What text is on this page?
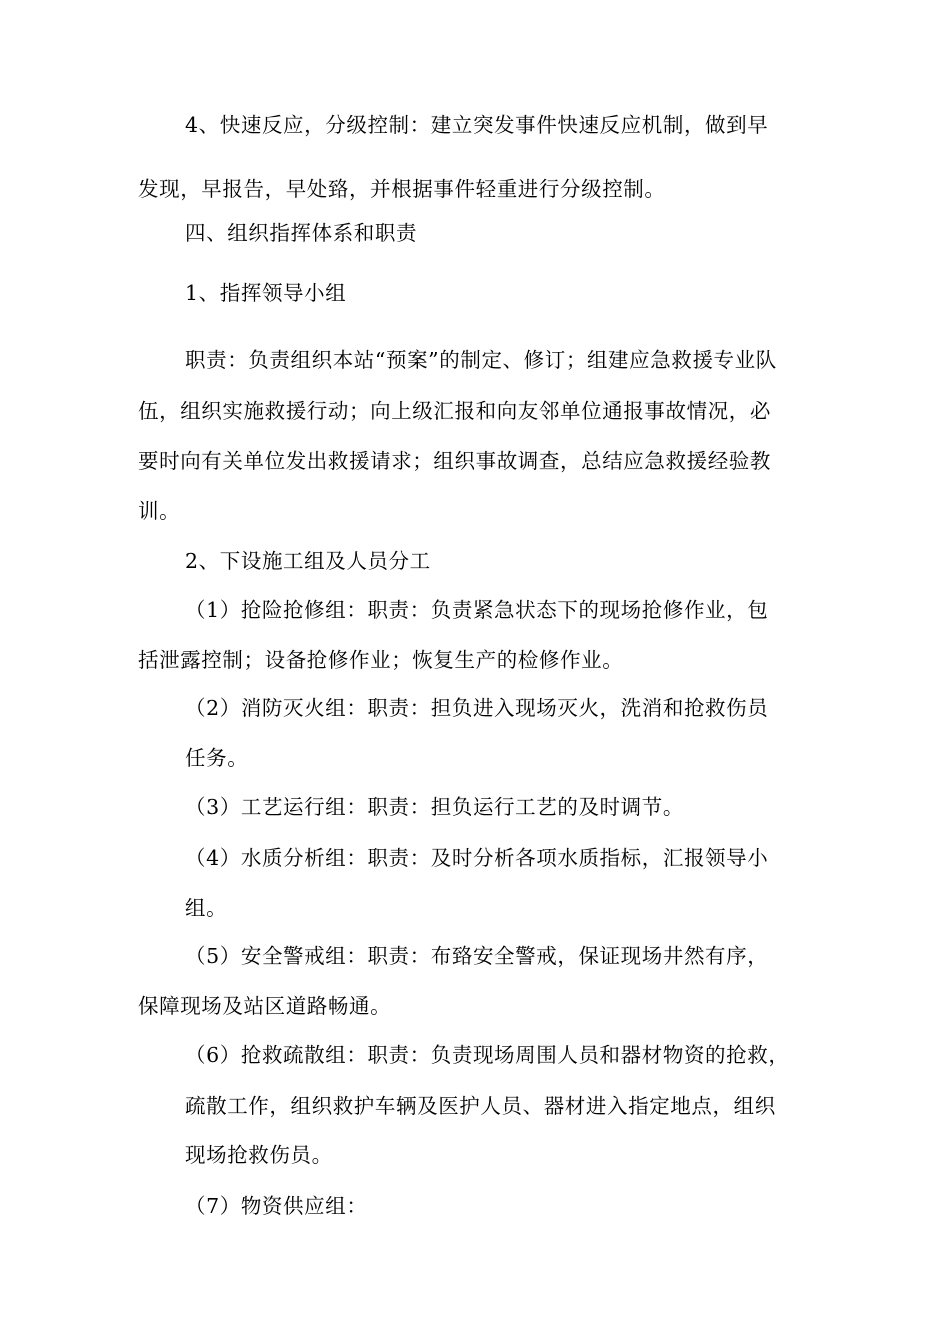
4、快速反应，分级控制：建立突发事件快速反应机制，做到早
发现，早报告，早处臵，并根据事件轻重进行分级控制。
四、组织指挥体系和职责
1、指挥领导小组
职责：负责组织本站“预案”的制定、修订；组建应急救援专业队
伍，组织实施救援行动；向上级汇报和向友邻单位通报事故情况，必
要时向有关单位发出救援请求；组织事故调查，总结应急救援经验教
训。
2、下设施工组及人员分工
（1）抢险抢修组：职责：负责紧急状态下的现场抢修作业，包
括泄露控制；设备抢修作业；恢复生产的检修作业。
（2）消防灭火组：职责：担负进入现场灭火，洗消和抢救伤员
任务。
（3）工艺运行组：职责：担负运行工艺的及时调节。
（4）水质分析组：职责：及时分析各项水质指标，汇报领导小
组。
（5）安全警戒组：职责：布臵安全警戒，保证现场井然有序，
保障现场及站区道路畅通。
（6）抢救疏散组：职责：负责现场周围人员和器材物资的抢救，
疏散工作，组织救护车辆及医护人员、器材进入指定地点，组织
现场抢救伤员。
（7）物资供应组：
